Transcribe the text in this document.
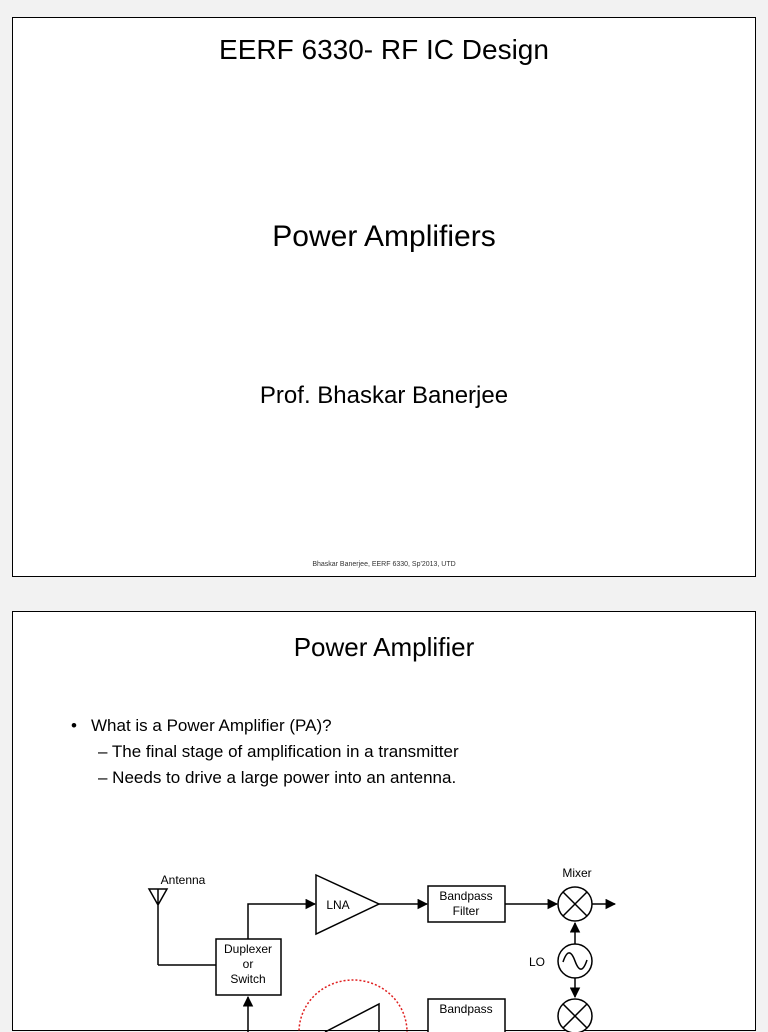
EERF 6330- RF IC Design
Power Amplifiers
Prof. Bhaskar Banerjee
Bhaskar Banerjee, EERF 6330, Sp'2013, UTD
Power Amplifier
• What is a Power Amplifier (PA)?
– The final stage of amplification in a transmitter
– Needs to drive a large power into an antenna.
Antenna
Duplexer
or
Switch
LNA
Bandpass
Filter
Mixer
LO
Bandpass
